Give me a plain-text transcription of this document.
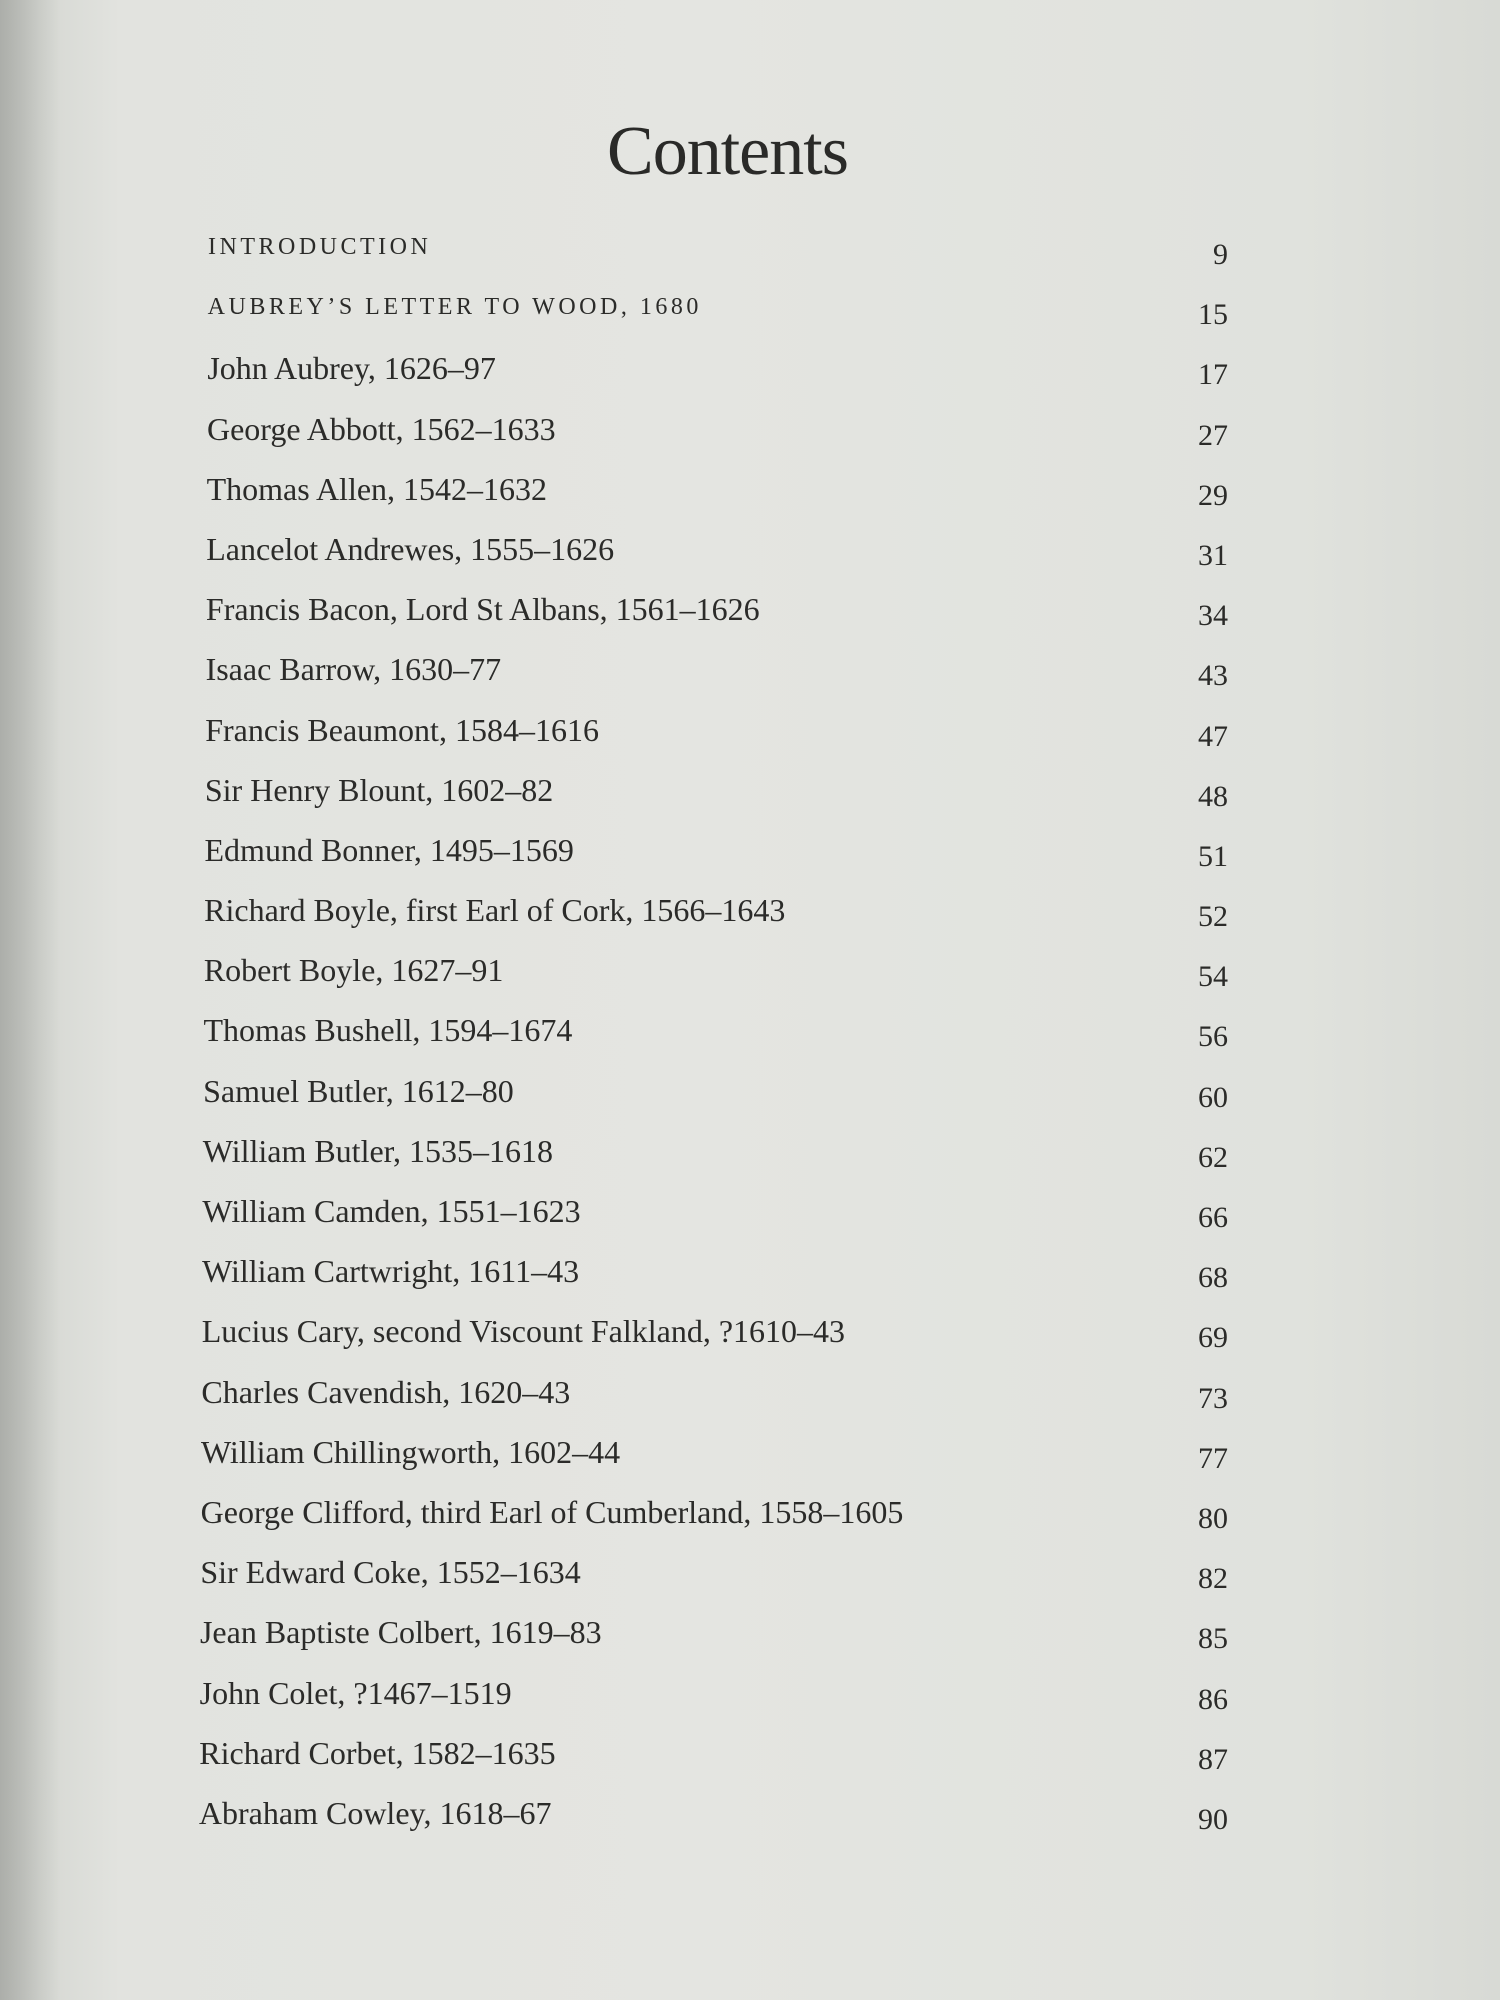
Contents
INTRODUCTION	9
AUBREY’S LETTER TO WOOD, 1680	15
John Aubrey, 1626–97	17
George Abbott, 1562–1633	27
Thomas Allen, 1542–1632	29
Lancelot Andrewes, 1555–1626	31
Francis Bacon, Lord St Albans, 1561–1626	34
Isaac Barrow, 1630–77	43
Francis Beaumont, 1584–1616	47
Sir Henry Blount, 1602–82	48
Edmund Bonner, 1495–1569	51
Richard Boyle, first Earl of Cork, 1566–1643	52
Robert Boyle, 1627–91	54
Thomas Bushell, 1594–1674	56
Samuel Butler, 1612–80	60
William Butler, 1535–1618	62
William Camden, 1551–1623	66
William Cartwright, 1611–43	68
Lucius Cary, second Viscount Falkland, ?1610–43	69
Charles Cavendish, 1620–43	73
William Chillingworth, 1602–44	77
George Clifford, third Earl of Cumberland, 1558–1605	80
Sir Edward Coke, 1552–1634	82
Jean Baptiste Colbert, 1619–83	85
John Colet, ?1467–1519	86
Richard Corbet, 1582–1635	87
Abraham Cowley, 1618–67	90
